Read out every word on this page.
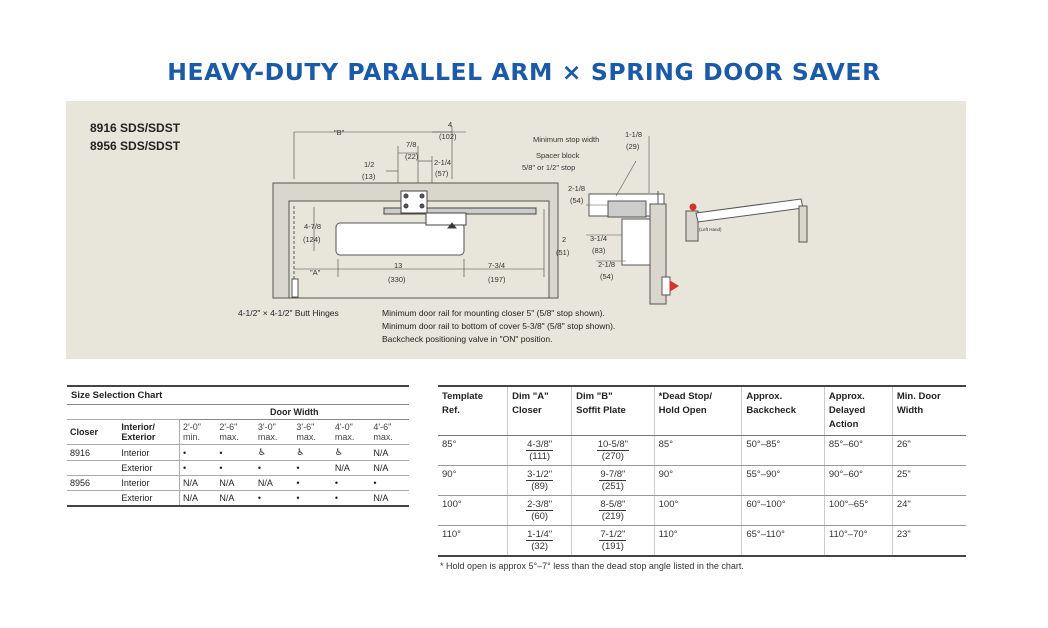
HEAVY-DUTY PARALLEL ARM × SPRING DOOR SAVER
8916 SDS/SDST
8956 SDS/SDST
"B"
4
(102)
7/8
(22)
1/2
(13)
2-1/4
(57)
4-7/8
(124)
"A"
13
(330)
7-3/4
(197)
Minimum stop width
1-1/8
(29)
Spacer block
5/8" or 1/2" stop
2-1/8
(54)
2
(51)
3-1/4
(83)
2-1/8
(54)
(Left Hand)
4-1/2" × 4-1/2" Butt Hinges	Minimum door rail for mounting closer 5" (5/8" stop shown).
Minimum door rail to bottom of cover 5-3/8" (5/8" stop shown).
Backcheck positioning valve in "ON" position.
Size Selection Chart
		Door Width					
Closer	Interior/
Exterior	2'-0"
min.	2'-6"
max.	3'-0"
max.	3'-6"
max.	4'-0"
max.	4'-6"
max.
8916	Interior	•	•	♿	♿	♿	N/A
	Exterior	•	•	•	•	N/A	N/A
8956	Interior	N/A	N/A	N/A	•	•	•
	Exterior	N/A	N/A	•	•	•	N/A
Template
Ref.	Dim "A"
Closer	Dim "B"
Soffit Plate	*Dead Stop/
Hold Open	Approx.
Backcheck	Approx.
Delayed
Action	Min. Door
Width
85°	4-3/8"
(111)	10-5/8"
(270)	85°	50°–85°	85°–60°	26"
90°	3-1/2"
(89)	9-7/8"
(251)	90°	55°–90°	90°–60°	25"
100°	2-3/8"
(60)	8-5/8"
(219)	100°	60°–100°	100°–65°	24"
110°	1-1/4"
(32)	7-1/2"
(191)	110°	65°–110°	110°–70°	23"
* Hold open is approx 5°–7° less than the dead stop angle listed in the chart.
